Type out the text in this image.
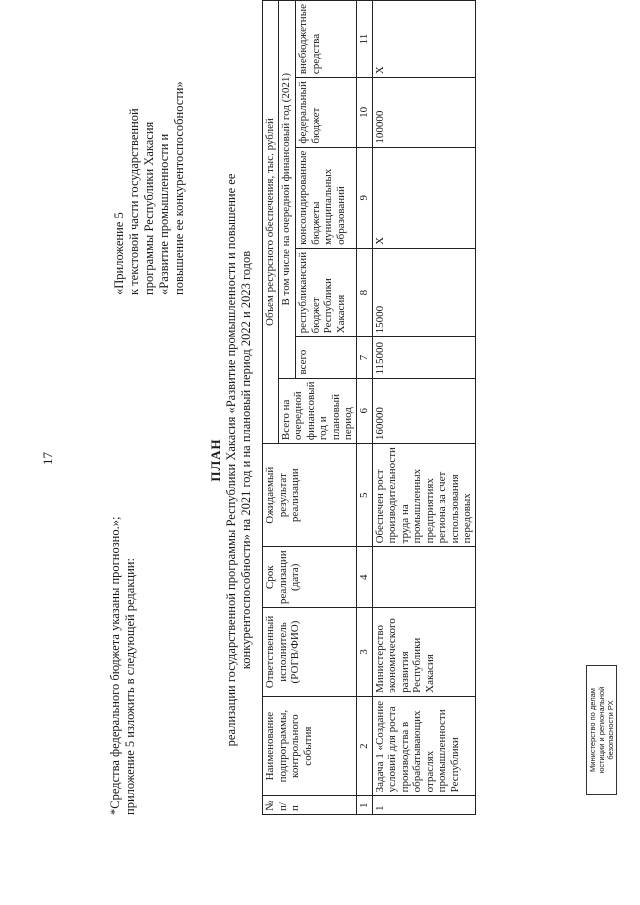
17
«Приложение 5 к текстовой части государственной программы Республики Хакасия «Развитие промышленности и повышение ее конкурентоспособности»
*Средства федерального бюджета указаны прогнозно.»; приложение 5 изложить в следующей редакции:
ПЛАН реализации государственной программы Республики Хакасия «Развитие промышленности и повышение ее конкурентоспособности» на 2021 год и на плановый период 2022 и 2023 годов
№ п/п	Наименование подпрограммы, контрольного события	Ответственный исполнитель (РОГВ/ФИО)	Срок реализации (дата)	Ожидаемый результат реализации	Объем ресурсного обеспечения, тыс. рублей					
					Всего на очередной финансовый год и плановый период	В том числе на очередной финансовый год (2021)				
						всего	республиканский бюджет Республики Хакасия	консолидированные бюджеты муниципальных образований	федеральный бюджет	внебюджетные средства
1	2	3	4	5	6	7	8	9	10	11
1	Задача 1 «Создание условий для роста производства в обрабатывающих отраслях промышленности Республики	Министерство экономического развития Республики Хакасия		Обеспечен рост производительности труда на промышленных предприятиях региона за счет использования передовых	160000	115000	15000	X	100000	X
Министерство по делам юстиции и региональной безопасности РХ
